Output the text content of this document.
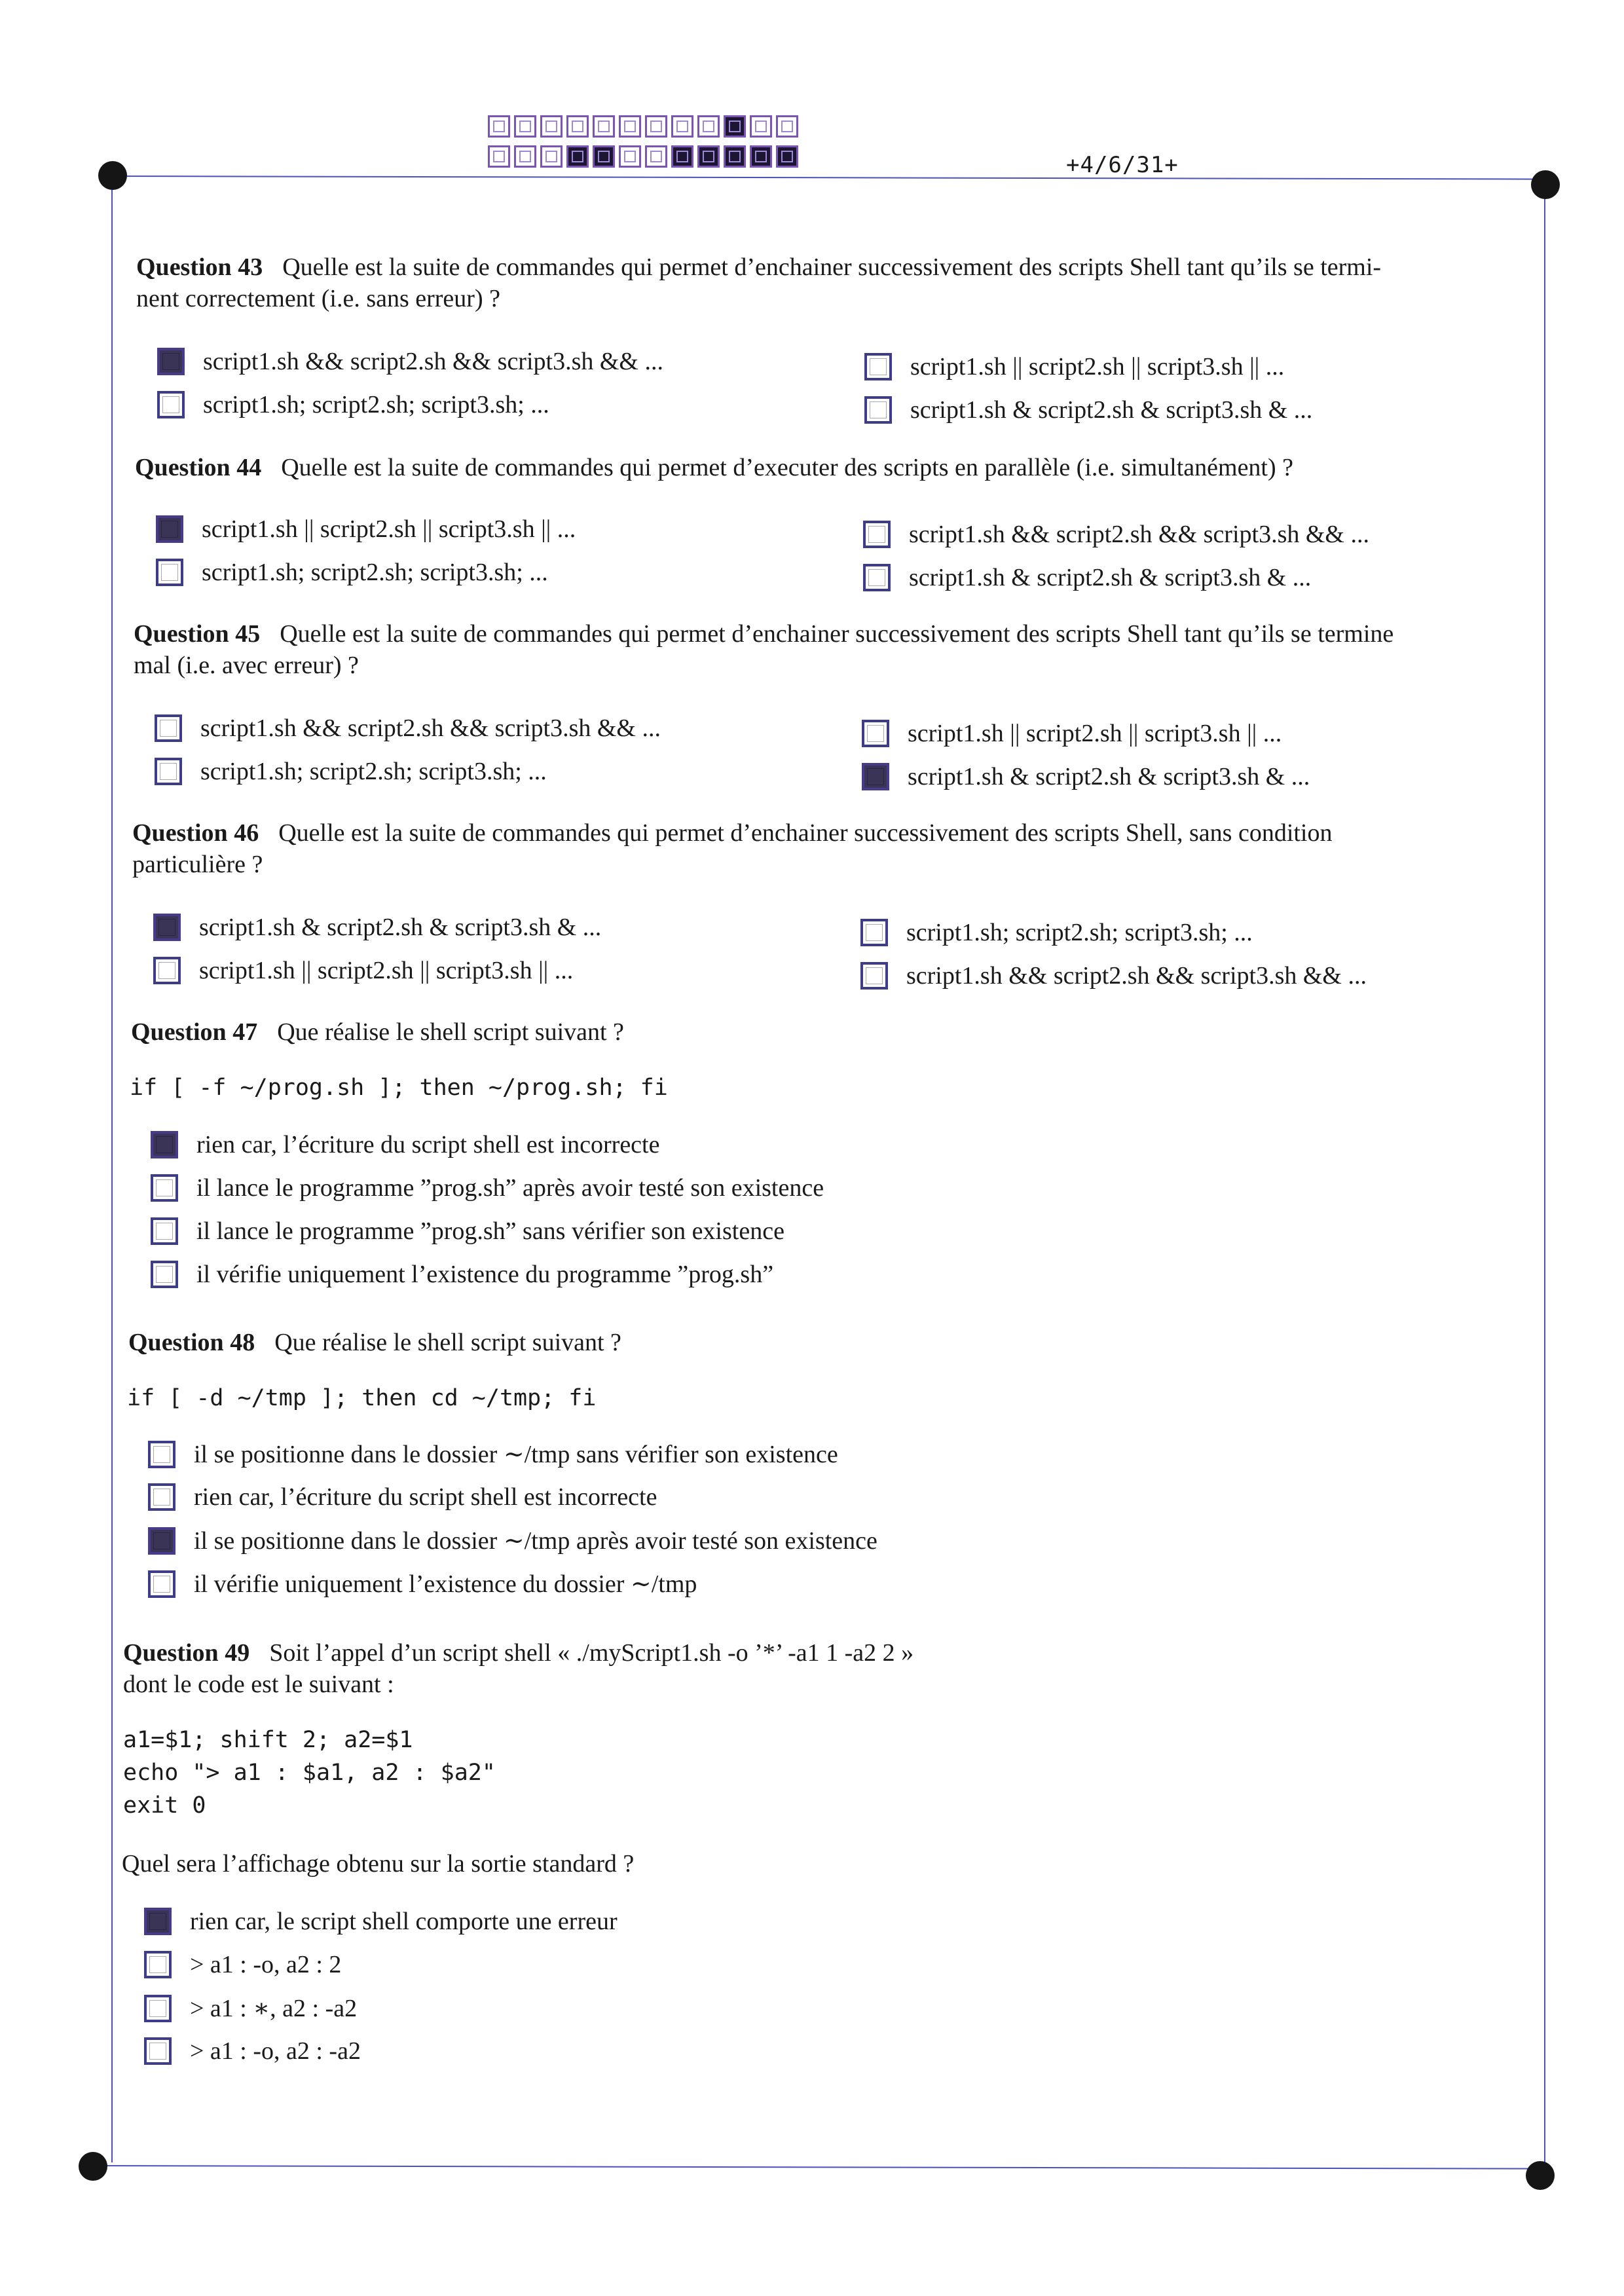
+4/6/31+
Question 43 Quelle est la suite de commandes qui permet d’enchainer successivement des scripts Shell tant qu’ils se termi-
nent correctement (i.e. sans erreur) ?
script1.sh && script2.sh && script3.sh && ...
script1.sh; script2.sh; script3.sh; ...
script1.sh || script2.sh || script3.sh || ...
script1.sh & script2.sh & script3.sh & ...
Question 44 Quelle est la suite de commandes qui permet d’executer des scripts en parallèle (i.e. simultanément) ?
script1.sh || script2.sh || script3.sh || ...
script1.sh; script2.sh; script3.sh; ...
script1.sh && script2.sh && script3.sh && ...
script1.sh & script2.sh & script3.sh & ...
Question 45 Quelle est la suite de commandes qui permet d’enchainer successivement des scripts Shell tant qu’ils se termine
mal (i.e. avec erreur) ?
script1.sh && script2.sh && script3.sh && ...
script1.sh; script2.sh; script3.sh; ...
script1.sh || script2.sh || script3.sh || ...
script1.sh & script2.sh & script3.sh & ...
Question 46 Quelle est la suite de commandes qui permet d’enchainer successivement des scripts Shell, sans condition
particulière ?
script1.sh & script2.sh & script3.sh & ...
script1.sh || script2.sh || script3.sh || ...
script1.sh; script2.sh; script3.sh; ...
script1.sh && script2.sh && script3.sh && ...
Question 47 Que réalise le shell script suivant ?
if [ -f ~/prog.sh ]; then ~/prog.sh; fi
rien car, l’écriture du script shell est incorrecte
il lance le programme ”prog.sh” après avoir testé son existence
il lance le programme ”prog.sh” sans vérifier son existence
il vérifie uniquement l’existence du programme ”prog.sh”
Question 48 Que réalise le shell script suivant ?
if [ -d ~/tmp ]; then cd ~/tmp; fi
il se positionne dans le dossier ∼/tmp sans vérifier son existence
rien car, l’écriture du script shell est incorrecte
il se positionne dans le dossier ∼/tmp après avoir testé son existence
il vérifie uniquement l’existence du dossier ∼/tmp
Question 49 Soit l’appel d’un script shell « ./myScript1.sh -o ’*’ -a1 1 -a2 2 »
dont le code est le suivant :
a1=$1; shift 2; a2=$1
echo "> a1 : $a1, a2 : $a2"
exit 0
Quel sera l’affichage obtenu sur la sortie standard ?
rien car, le script shell comporte une erreur
> a1 : -o, a2 : 2
> a1 : ∗, a2 : -a2
> a1 : -o, a2 : -a2
